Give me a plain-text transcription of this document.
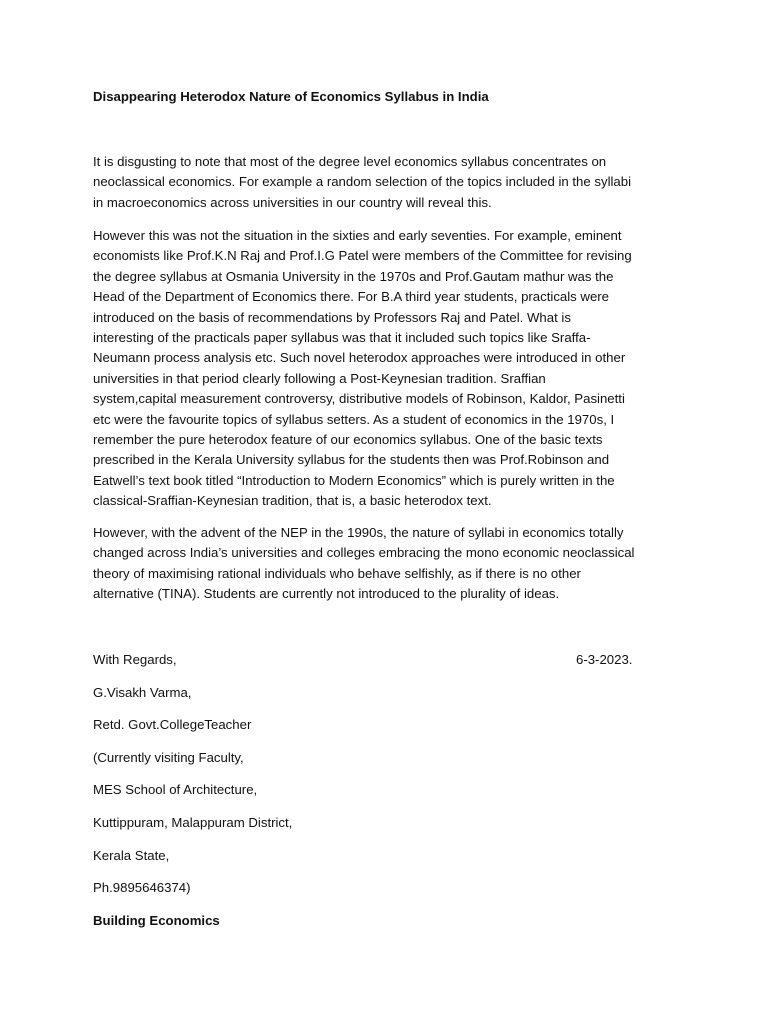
Disappearing Heterodox Nature of Economics Syllabus in India
It is disgusting to note that most of the degree level economics syllabus concentrates on
neoclassical economics. For example a random selection of the topics included in the syllabi
in macroeconomics across universities in our country will reveal this.
However this was not the situation in the sixties and early seventies. For example, eminent
economists like Prof.K.N Raj and Prof.I.G Patel were members of the Committee for revising
the degree syllabus at Osmania University in the 1970s and Prof.Gautam mathur was the
Head of the Department of Economics there. For B.A third year students, practicals were
introduced on the basis of recommendations by Professors Raj and Patel. What is
interesting of the practicals paper syllabus was that it included such topics like Sraffa-
Neumann process analysis etc. Such novel heterodox approaches were introduced in other
universities in that period clearly following a Post-Keynesian tradition. Sraffian
system,capital measurement controversy, distributive models of Robinson, Kaldor, Pasinetti
etc were the favourite topics of syllabus setters. As a student of economics in the 1970s, I
remember the pure heterodox feature of our economics syllabus. One of the basic texts
prescribed in the Kerala University syllabus for the students then was Prof.Robinson and
Eatwell’s text book titled “Introduction to Modern Economics” which is purely written in the
classical-Sraffian-Keynesian tradition, that is, a basic heterodox text.
However, with the advent of the NEP in the 1990s, the nature of syllabi in economics totally
changed across India’s universities and colleges embracing the mono economic neoclassical
theory of maximising rational individuals who behave selfishly, as if there is no other
alternative (TINA). Students are currently not introduced to the plurality of ideas.
With Regards,	6-3-2023.
G.Visakh Varma,
Retd. Govt.CollegeTeacher
(Currently visiting Faculty,
MES School of Architecture,
Kuttippuram, Malappuram District,
Kerala State,
Ph.9895646374)
Building Economics
